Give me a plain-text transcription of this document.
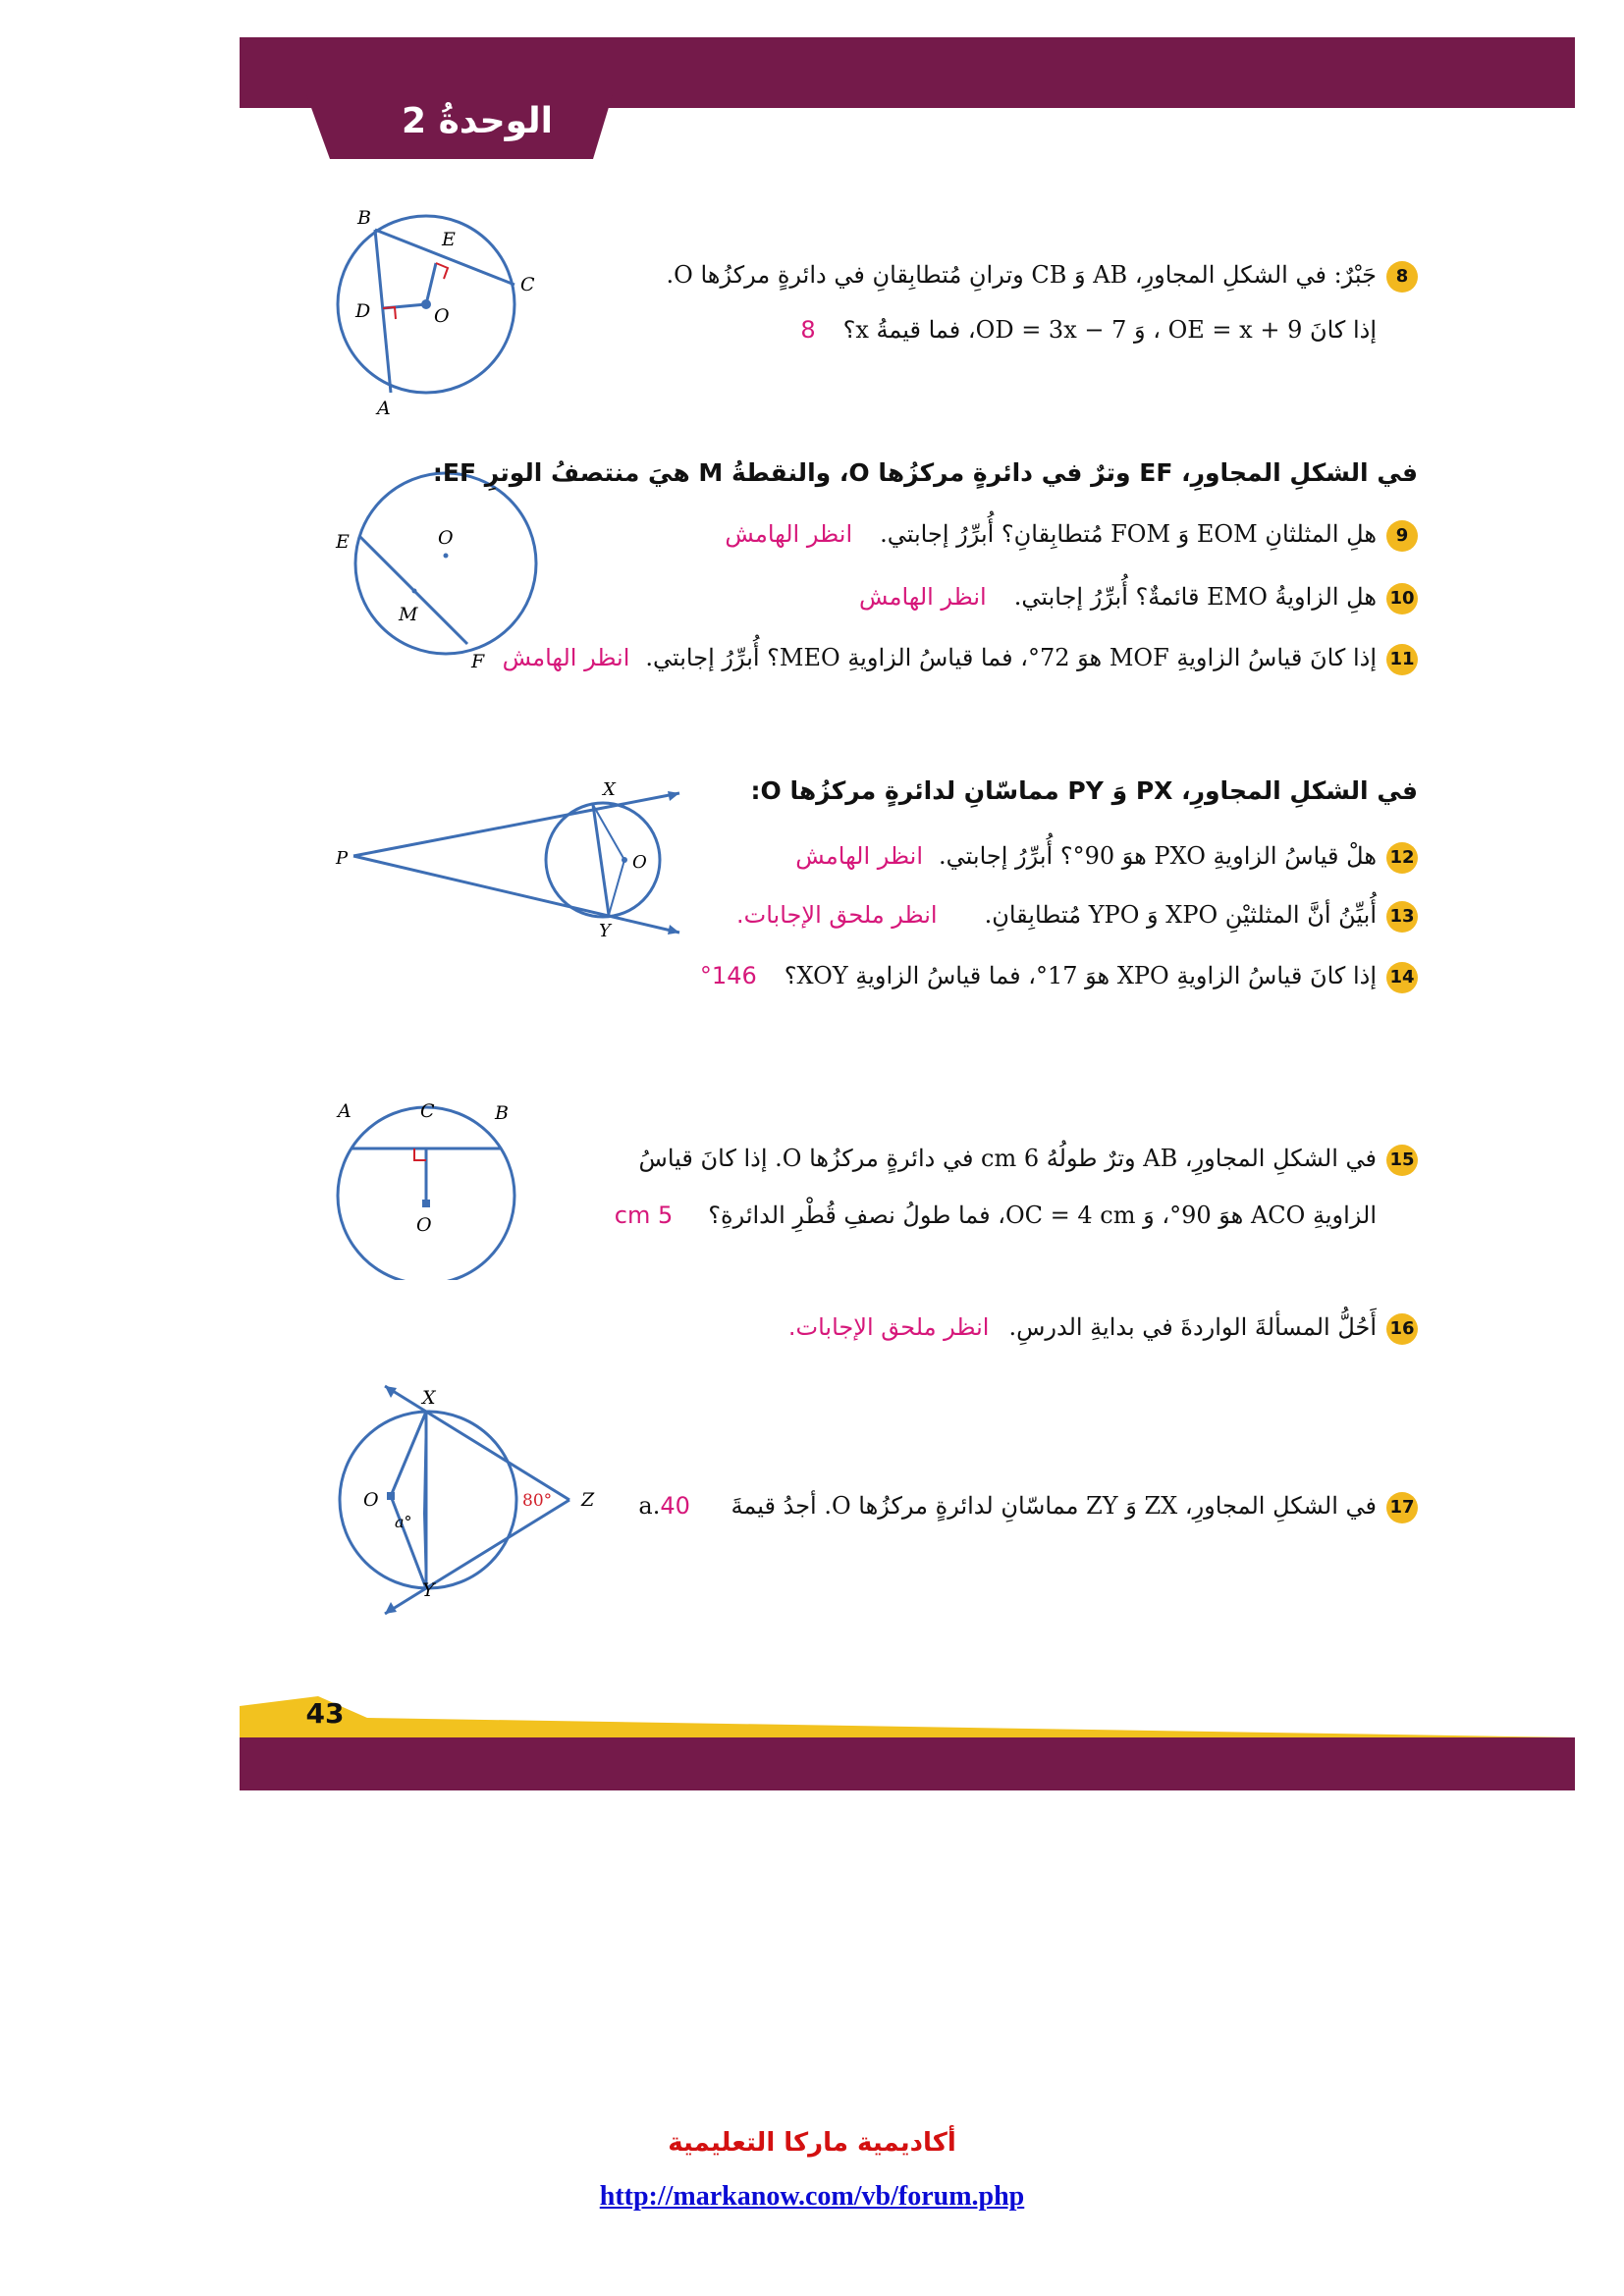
الوحدةُ 2
B
E
C
D	O
A
8جَبْرٌ: في الشكلِ المجاورِ، AB وَ CB وترانِ مُتطابِقانِ في دائرةٍ مركزُها O.
إذا كانَ OE = x + 9 ، وَ OD = 3x − 7، فما قيمةُ x؟8
E	O
M
F
في الشكلِ المجاورِ، EF وترٌ في دائرةٍ مركزُها O، والنقطةُ M هيَ منتصفُ الوترِ EF:
9هلِ المثلثانِ EOM وَ FOM مُتطابِقانِ؟ أُبرِّرُ إجابتي.انظر الهامش
10هلِ الزاويةُ EMO قائمةٌ؟ أُبرِّرُ إجابتي.انظر الهامش
11إذا كانَ قياسُ الزاويةِ MOF هوَ 72°، فما قياسُ الزاويةِ MEO؟ أُبرِّرُ إجابتي.انظر الهامش
X
P	O
Y
في الشكلِ المجاورِ، PX وَ PY مماسّانِ لدائرةٍ مركزُها O:
12هلْ قياسُ الزاويةِ PXO هوَ 90°؟ أُبرِّرُ إجابتي.انظر الهامش
13أُبيِّنُ أنَّ المثلثيْنِ XPO وَ YPO مُتطابِقانِ.انظر ملحق الإجابات.
14إذا كانَ قياسُ الزاويةِ XPO هوَ 17°، فما قياسُ الزاويةِ XOY؟146°
A	C	B
O
15في الشكلِ المجاورِ، AB وترٌ طولُهُ 6 cm في دائرةٍ مركزُها O. إذا كانَ قياسُ
الزاويةِ ACO هوَ 90°، وَ OC = 4 cm، فما طولُ نصفِ قُطْرِ الدائرةِ؟5 cm
16أَحُلُّ المسألةَ الواردةَ في بدايةِ الدرسِ.انظر ملحق الإجابات.
X
O
a°
80° Z
Y
17في الشكلِ المجاورِ، ZX وَ ZY مماسّانِ لدائرةٍ مركزُها O. أجدُ قيمةَ a.40
43
أكاديمية ماركا التعليمية
http://markanow.com/vb/forum.php
